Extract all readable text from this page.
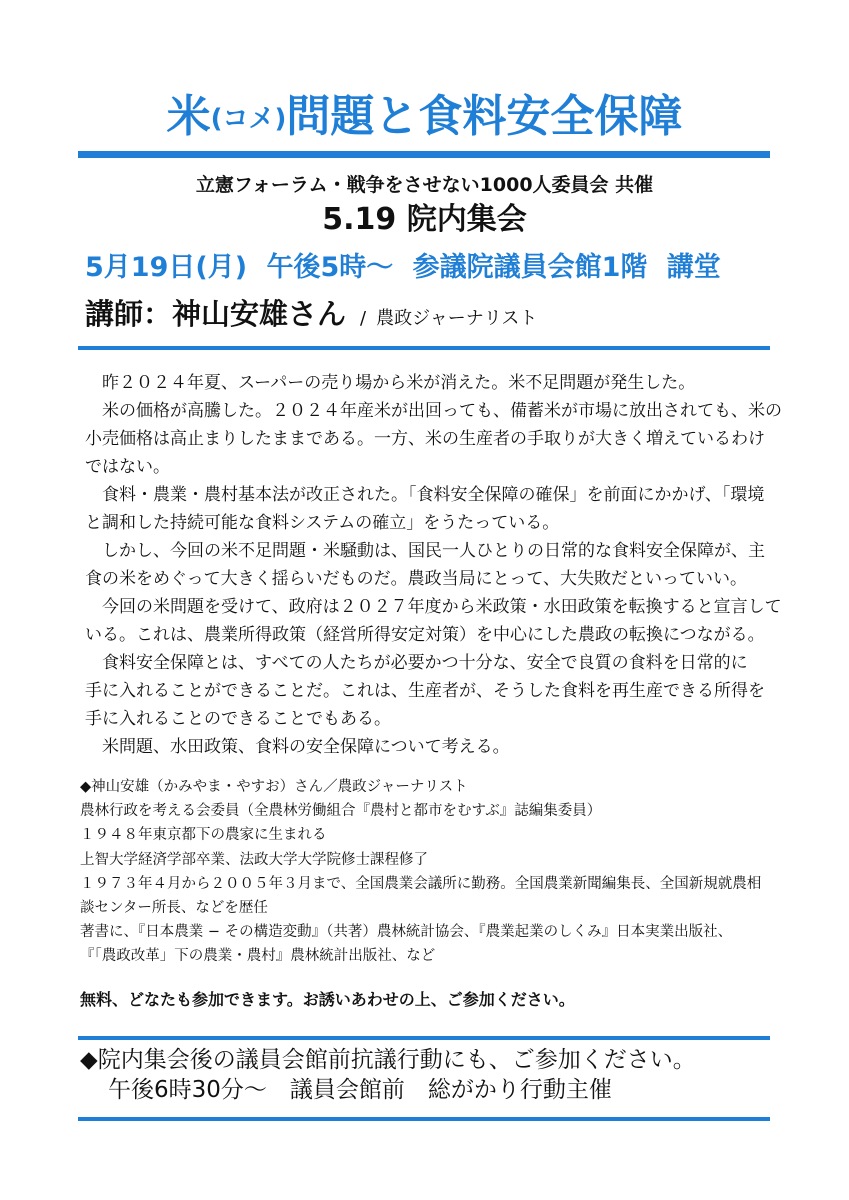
米(コメ)問題と食料安全保障
立憲フォーラム・戦争をさせない1000人委員会 共催
5.19 院内集会
5月19日(月) 午後5時〜 参議院議員会館1階 講堂
講師：神山安雄さん / 農政ジャーナリスト
昨２０２４年夏、スーパーの売り場から米が消えた。米不足問題が発生した。
米の価格が高騰した。２０２４年産米が出回っても、備蓄米が市場に放出されても、米の
小売価格は高止まりしたままである。一方、米の生産者の手取りが大きく増えているわけ
ではない。
食料・農業・農村基本法が改正された。「食料安全保障の確保」を前面にかかげ、「環境
と調和した持続可能な食料システムの確立」をうたっている。
しかし、今回の米不足問題・米騒動は、国民一人ひとりの日常的な食料安全保障が、主
食の米をめぐって大きく揺らいだものだ。農政当局にとって、大失敗だといっていい。
今回の米問題を受けて、政府は２０２７年度から米政策・水田政策を転換すると宣言して
いる。これは、農業所得政策（経営所得安定対策）を中心にした農政の転換につながる。
食料安全保障とは、すべての人たちが必要かつ十分な、安全で良質の食料を日常的に
手に入れることができることだ。これは、生産者が、そうした食料を再生産できる所得を
手に入れることのできることでもある。
米問題、水田政策、食料の安全保障について考える。
◆神山安雄（かみやま・やすお）さん／農政ジャーナリスト
農林行政を考える会委員（全農林労働組合『農村と都市をむすぶ』誌編集委員）
１９４８年東京都下の農家に生まれる
上智大学経済学部卒業、法政大学大学院修士課程修了
１９７３年４月から２００５年３月まで、全国農業会議所に勤務。全国農業新聞編集長、全国新規就農相
談センター所長、などを歴任
著書に、『日本農業 − その構造変動』（共著）農林統計協会、『農業起業のしくみ』日本実業出版社、
『「農政改革」下の農業・農村』農林統計出版社、など
無料、どなたも参加できます。お誘いあわせの上、ご参加ください。
◆院内集会後の議員会館前抗議行動にも、ご参加ください。
午後6時30分〜　議員会館前　総がかり行動主催
